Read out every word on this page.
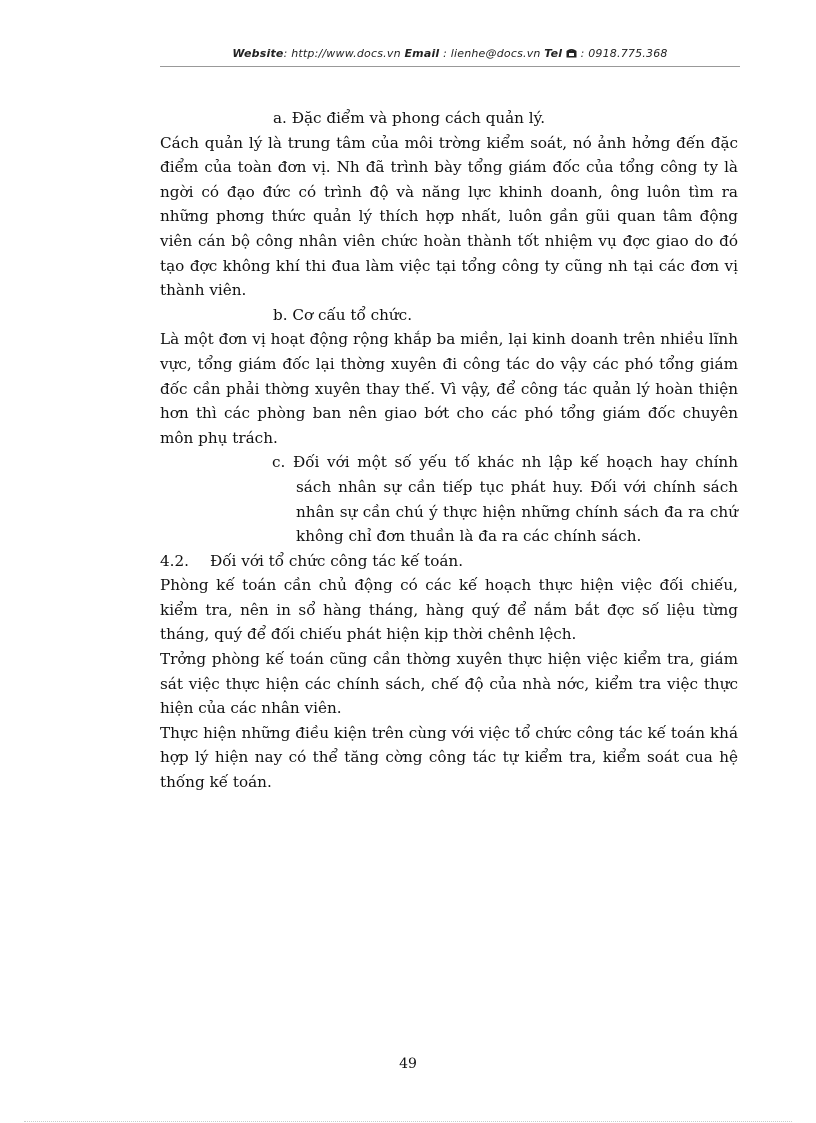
Website: http://www.docs.vn Email : lienhe@docs.vn Tel : 0918.775.368

a. Đặc điểm và phong cách quản lý.

Cách quản lý là trung tâm của môi trờng kiểm soát, nó ảnh hởng đến đặc điểm của toàn đơn vị. Nh đã trình bày tổng giám đốc của tổng công ty là ngời có đạo đức có trình độ và năng lực khinh doanh, ông luôn tìm ra những phơng thức quản lý thích hợp nhất, luôn gần gũi quan tâm động viên cán bộ công nhân viên chức hoàn thành tốt nhiệm vụ đợc giao do đó tạo đợc không khí thi đua làm việc tại tổng công ty cũng nh tại các đơn vị thành viên.

b. Cơ cấu tổ chức.

Là một đơn vị hoạt động rộng khắp ba miền, lại kinh doanh trên nhiều lĩnh vực, tổng giám đốc lại thờng xuyên đi công tác do vậy các phó tổng giám đốc cần phải thờng xuyên thay thế. Vì vậy, để công tác quản lý hoàn thiện hơn thì các phòng ban nên giao bớt cho các phó tổng giám đốc chuyên môn phụ trách.

c. Đối với một số yếu tố khác nh lập kế hoạch hay chính sách nhân sự cần tiếp tục phát huy. Đối với chính sách nhân sự cần chú ý thực hiện những chính sách đa ra chứ không chỉ đơn thuần là đa ra các chính sách.

4.2. Đối với tổ chức công tác kế toán.

Phòng kế toán cần chủ động có các kế hoạch thực hiện việc đối chiếu, kiểm tra, nên in sổ hàng tháng, hàng quý để nắm bắt đợc số liệu từng tháng, quý để đối chiếu phát hiện kịp thời chênh lệch.

Trởng phòng kế toán cũng cần thờng xuyên thực hiện việc kiểm tra, giám sát việc thực hiện các chính sách, chế độ của nhà nớc, kiểm tra việc thực hiện của các nhân viên.

Thực hiện những điều kiện trên cùng với việc tổ chức công tác kế toán khá hợp lý hiện nay có thể tăng cờng công tác tự kiểm tra, kiểm soát cua hệ thống kế toán.

49
